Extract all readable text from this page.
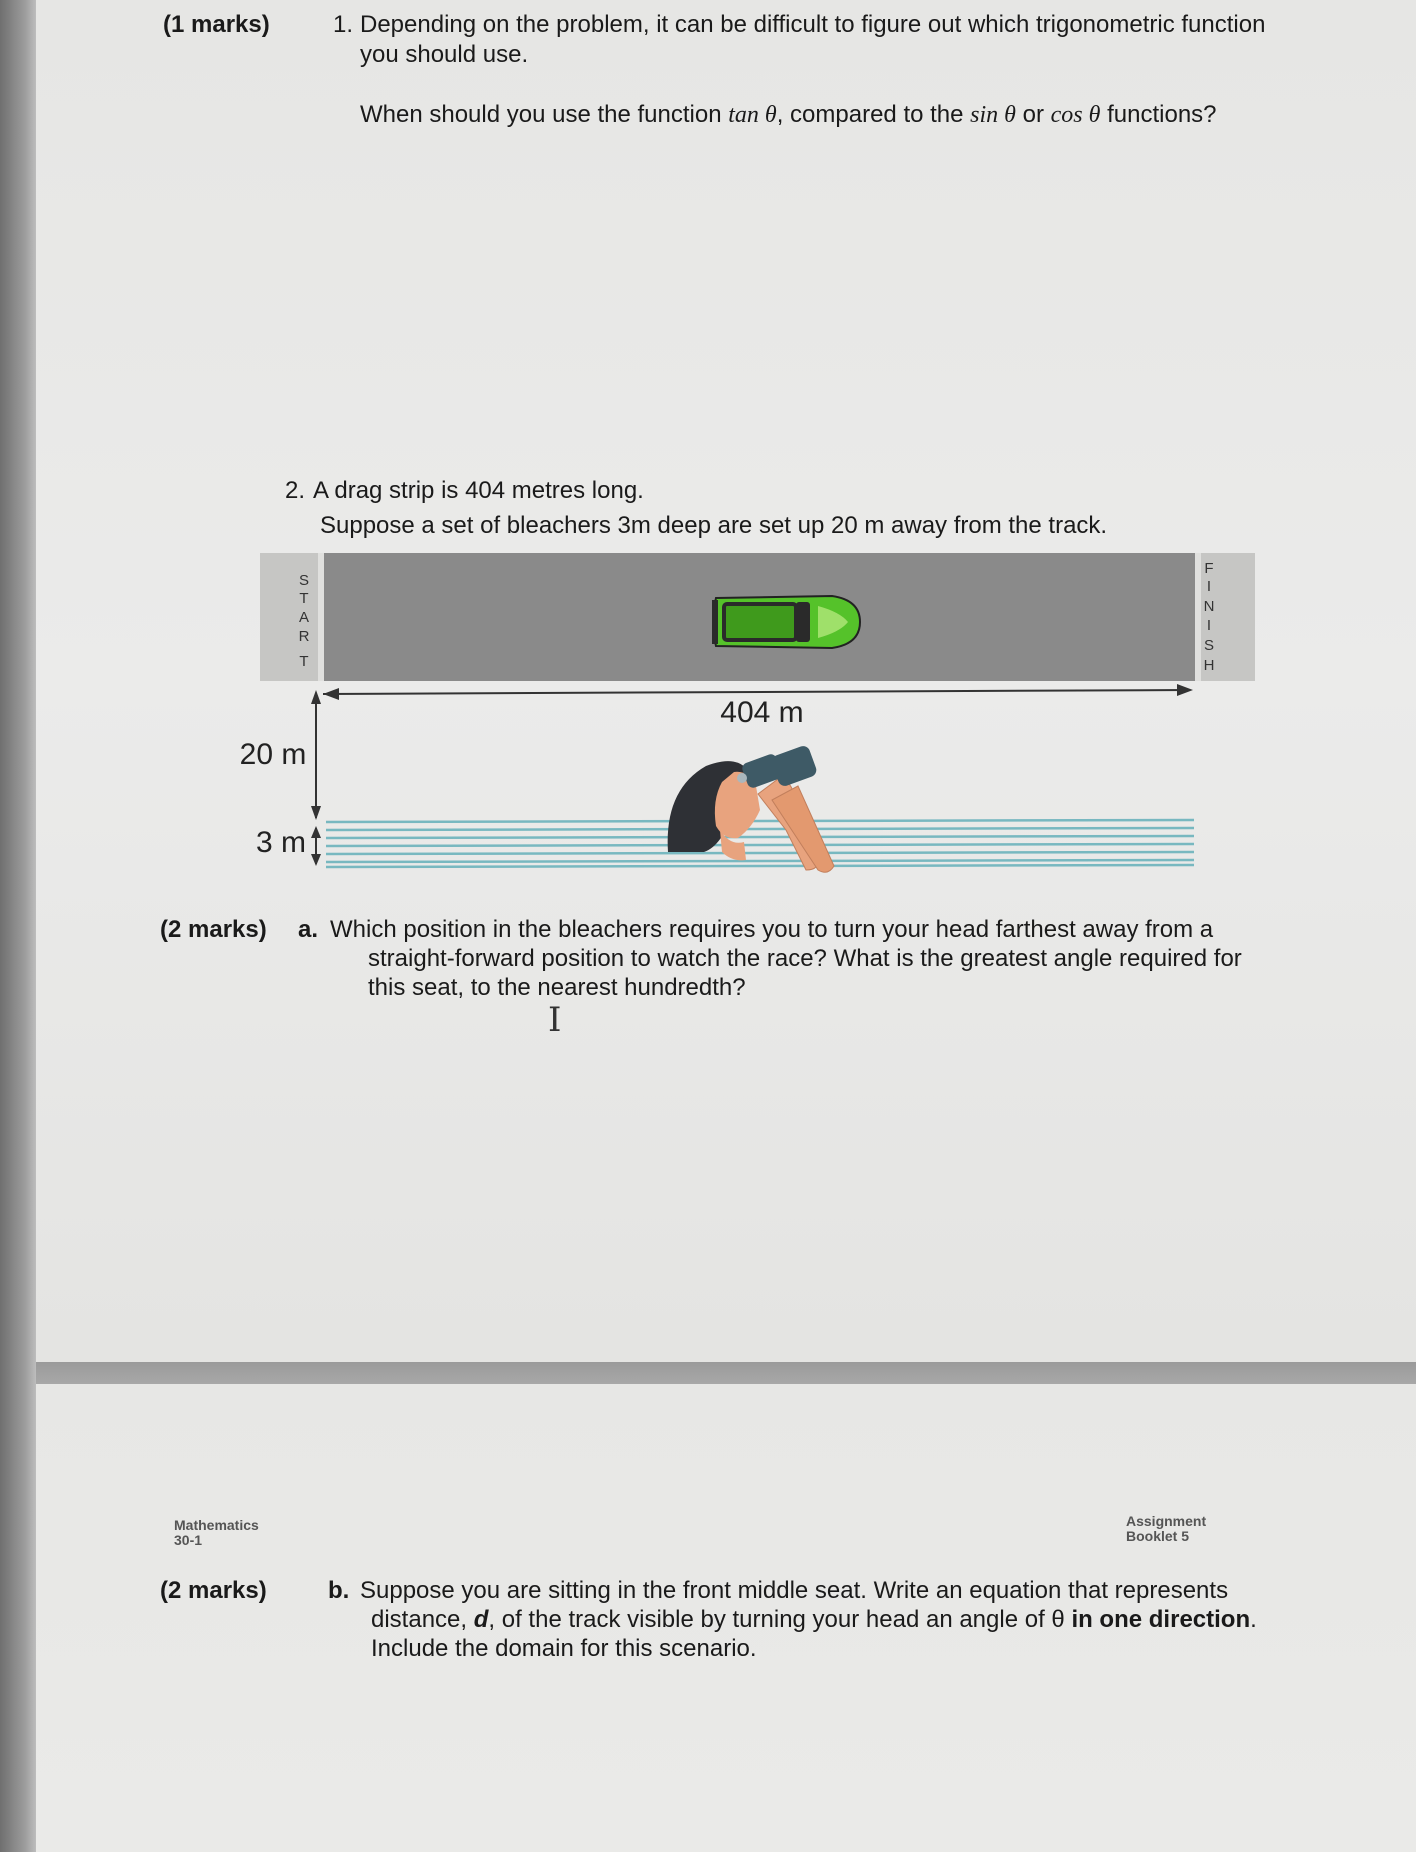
(1 marks)	1. Depending on the problem, it can be difficult to figure out which trigonometric function
you should use.
When should you use the function tan θ, compared to the sin θ or cos θ functions?
2. A drag strip is 404 metres long.
Suppose a set of bleachers 3m deep are set up 20 m away from the track.
S
T
A
R
T
F
I
N
I
S
H
404 m
20 m
3 m
(2 marks) a. Which position in the bleachers requires you to turn your head farthest away from a
straight-forward position to watch the race? What is the greatest angle required for
this seat, to the nearest hundredth?
I
Mathematics
30-1
Assignment
Booklet 5
(2 marks)	b. Suppose you are sitting in the front middle seat. Write an equation that represents
distance, d, of the track visible by turning your head an angle of θ in one direction.
Include the domain for this scenario.
